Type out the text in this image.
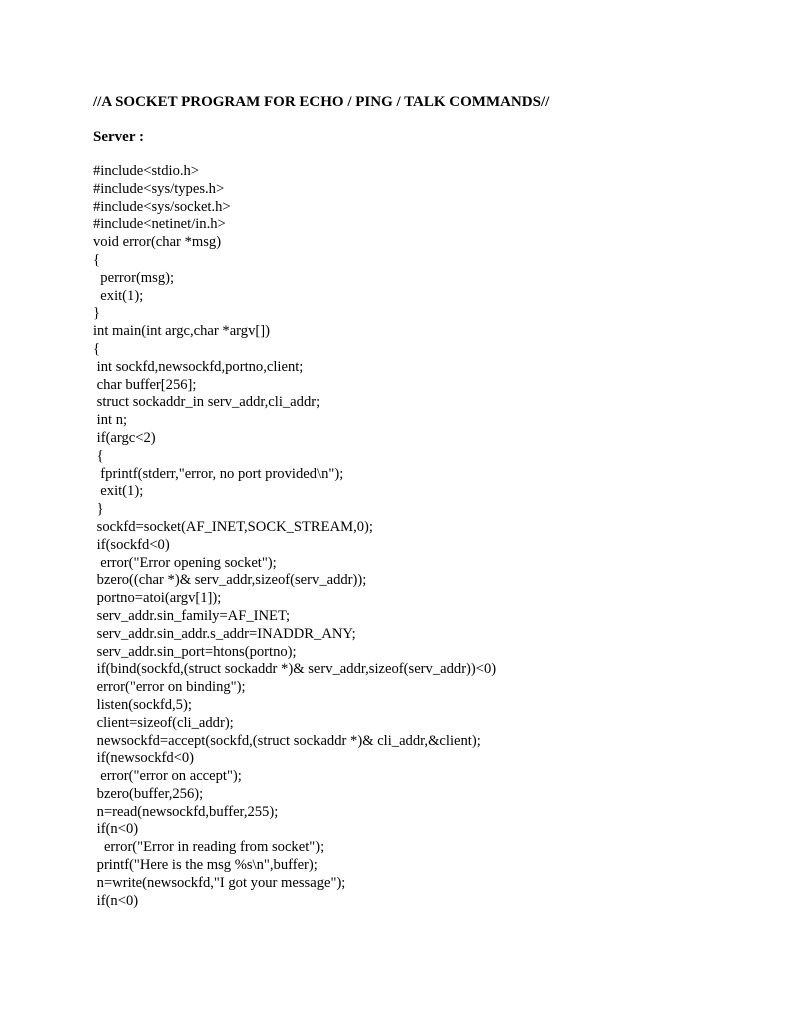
//A SOCKET PROGRAM FOR ECHO / PING / TALK COMMANDS//
Server :
#include<stdio.h>
#include<sys/types.h>
#include<sys/socket.h>
#include<netinet/in.h>
void error(char *msg)
{
perror(msg);
exit(1);
}
int main(int argc,char *argv[])
{
int sockfd,newsockfd,portno,client;
char buffer[256];
struct sockaddr_in serv_addr,cli_addr;
int n;
if(argc<2)
{
fprintf(stderr,"error, no port provided\n");
exit(1);
}
sockfd=socket(AF_INET,SOCK_STREAM,0);
if(sockfd<0)
error("Error opening socket");
bzero((char *)& serv_addr,sizeof(serv_addr));
portno=atoi(argv[1]);
serv_addr.sin_family=AF_INET;
serv_addr.sin_addr.s_addr=INADDR_ANY;
serv_addr.sin_port=htons(portno);
if(bind(sockfd,(struct sockaddr *)& serv_addr,sizeof(serv_addr))<0)
error("error on binding");
listen(sockfd,5);
client=sizeof(cli_addr);
newsockfd=accept(sockfd,(struct sockaddr *)& cli_addr,&client);
if(newsockfd<0)
error("error on accept");
bzero(buffer,256);
n=read(newsockfd,buffer,255);
if(n<0)
error("Error in reading from socket");
printf("Here is the msg %s\n",buffer);
n=write(newsockfd,"I got your message");
if(n<0)
